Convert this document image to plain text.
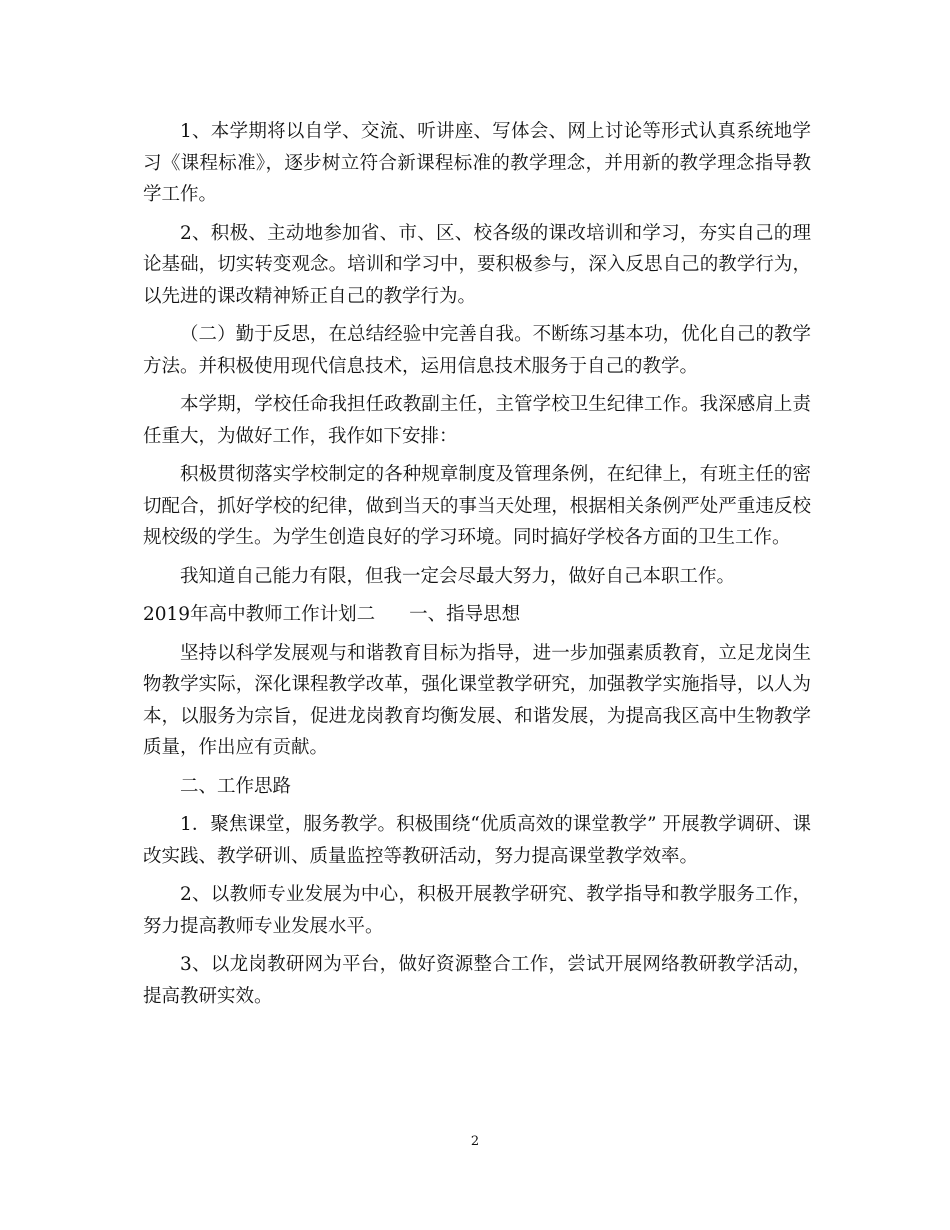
1、本学期将以自学、交流、听讲座、写体会、网上讨论等形式认真系统地学习《课程标准》，逐步树立符合新课程标准的教学理念，并用新的教学理念指导教学工作。

2、积极、主动地参加省、市、区、校各级的课改培训和学习，夯实自己的理论基础，切实转变观念。培训和学习中，要积极参与，深入反思自己的教学行为，以先进的课改精神矫正自己的教学行为。

（二）勤于反思，在总结经验中完善自我。不断练习基本功，优化自己的教学方法。并积极使用现代信息技术，运用信息技术服务于自己的教学。

本学期，学校任命我担任政教副主任，主管学校卫生纪律工作。我深感肩上责任重大，为做好工作，我作如下安排：

积极贯彻落实学校制定的各种规章制度及管理条例，在纪律上，有班主任的密切配合，抓好学校的纪律，做到当天的事当天处理，根据相关条例严处严重违反校规校级的学生。为学生创造良好的学习环境。同时搞好学校各方面的卫生工作。

我知道自己能力有限，但我一定会尽最大努力，做好自己本职工作。

2019年高中教师工作计划二 一、指导思想

坚持以科学发展观与和谐教育目标为指导，进一步加强素质教育，立足龙岗生物教学实际，深化课程教学改革，强化课堂教学研究，加强教学实施指导，以人为本，以服务为宗旨，促进龙岗教育均衡发展、和谐发展，为提高我区高中生物教学质量，作出应有贡献。

二、工作思路

1．聚焦课堂，服务教学。积极围绕“优质高效的课堂教学” 开展教学调研、课改实践、教学研训、质量监控等教研活动，努力提高课堂教学效率。

2、以教师专业发展为中心，积极开展教学研究、教学指导和教学服务工作，努力提高教师专业发展水平。

3、以龙岗教研网为平台，做好资源整合工作，尝试开展网络教研教学活动，提高教研实效。

2
